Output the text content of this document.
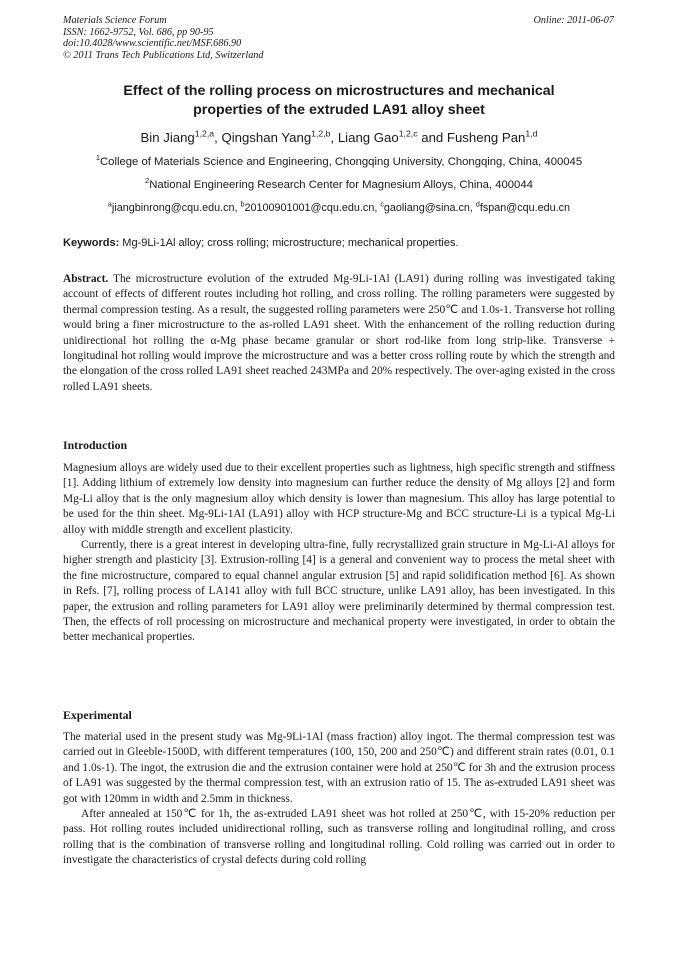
Materials Science Forum
ISSN: 1662-9752, Vol. 686, pp 90-95
doi:10.4028/www.scientific.net/MSF.686.90
© 2011 Trans Tech Publications Ltd, Switzerland
Online: 2011-06-07
Effect of the rolling process on microstructures and mechanical
properties of the extruded LA91 alloy sheet
Bin Jiang$^{1,2,a}$, Qingshan Yang$^{1,2,b}$, Liang Gao$^{1,2,c}$ and Fusheng Pan$^{1,d}$
$^1$College of Materials Science and Engineering, Chongqing University, Chongqing, China, 400045
$^2$National Engineering Research Center for Magnesium Alloys, China, 400044
$^a$jiangbinrong@cqu.edu.cn, $^b$20100901001@cqu.edu.cn, $^c$gaoliang@sina.cn, $^d$fspan@cqu.edu.cn
Keywords: Mg-9Li-1Al alloy; cross rolling; microstructure; mechanical properties.

Abstract. The microstructure evolution of the extruded Mg-9Li-1Al (LA91) during rolling was investigated taking account of effects of different routes including hot rolling, and cross rolling. The rolling parameters were suggested by thermal compression testing. As a result, the suggested rolling parameters were 250℃ and 1.0s-1. Transverse hot rolling would bring a finer microstructure to the as-rolled LA91 sheet. With the enhancement of the rolling reduction during unidirectional hot rolling the α-Mg phase became granular or short rod-like from long strip-like. Transverse + longitudinal hot rolling would improve the microstructure and was a better cross rolling route by which the strength and the elongation of the cross rolled LA91 sheet reached 243MPa and 20% respectively. The over-aging existed in the cross rolled LA91 sheets.

Introduction

Magnesium alloys are widely used due to their excellent properties such as lightness, high specific strength and stiffness [1]. Adding lithium of extremely low density into magnesium can further reduce the density of Mg alloys [2] and form Mg-Li alloy that is the only magnesium alloy which density is lower than magnesium. This alloy has large potential to be used for the thin sheet. Mg-9Li-1Al (LA91) alloy with HCP structure-Mg and BCC structure-Li is a typical Mg-Li alloy with middle strength and excellent plasticity.

Currently, there is a great interest in developing ultra-fine, fully recrystallized grain structure in Mg-Li-Al alloys for higher strength and plasticity [3]. Extrusion-rolling [4] is a general and convenient way to process the metal sheet with the fine microstructure, compared to equal channel angular extrusion [5] and rapid solidification method [6]. As shown in Refs. [7], rolling process of LA141 alloy with full BCC structure, unlike LA91 alloy, has been investigated. In this paper, the extrusion and rolling parameters for LA91 alloy were preliminarily determined by thermal compression test. Then, the effects of roll processing on microstructure and mechanical property were investigated, in order to obtain the better mechanical properties.

Experimental

The material used in the present study was Mg-9Li-1Al (mass fraction) alloy ingot. The thermal compression test was carried out in Gleeble-1500D, with different temperatures (100, 150, 200 and 250℃) and different strain rates (0.01, 0.1 and 1.0s-1). The ingot, the extrusion die and the extrusion container were hold at 250℃ for 3h and the extrusion process of LA91 was suggested by the thermal compression test, with an extrusion ratio of 15. The as-extruded LA91 sheet was got with 120mm in width and 2.5mm in thickness.

After annealed at 150℃ for 1h, the as-extruded LA91 sheet was hot rolled at 250℃, with 15-20% reduction per pass. Hot rolling routes included unidirectional rolling, such as transverse rolling and longitudinal rolling, and cross rolling that is the combination of transverse rolling and longitudinal rolling. Cold rolling was carried out in order to investigate the characteristics of crystal defects during cold rolling
